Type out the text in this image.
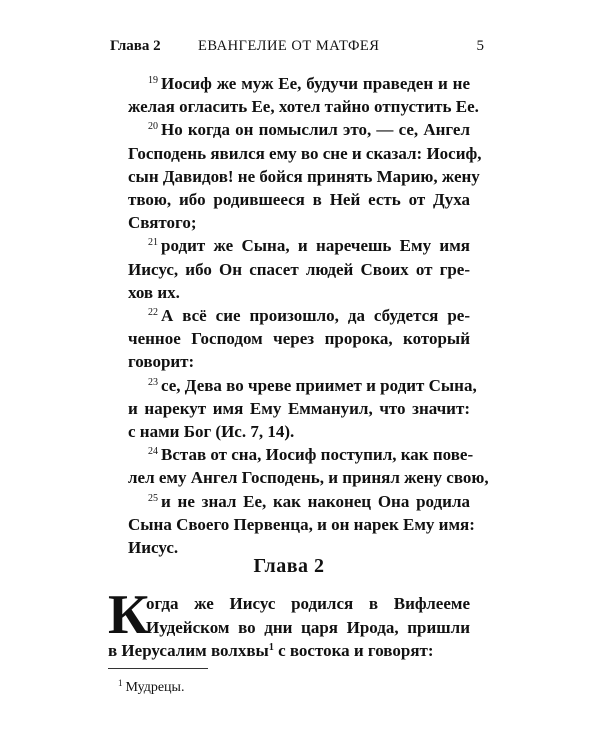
Глава 2	ЕВАНГЕЛИЕ ОТ МАТФЕЯ	5
$^{19}$ Иосиф же муж Ее, будучи праведен и не
желая огласить Ее, хотел тайно отпустить Ее.
$^{20}$ Но когда он помыслил это, — се, Ангел
Господень явился ему во сне и сказал: Иосиф,
сын Давидов! не бойся принять Марию, жену
твою, ибо родившееся в Ней есть от Духа
Святого;
$^{21}$ родит же Сына, и наречешь Ему имя
Иисус, ибо Он спасет людей Своих от гре-
хов их.
$^{22}$ А всё сие произошло, да сбудется ре-
ченное Господом через пророка, который
говорит:
$^{23}$ се, Дева во чреве приимет и родит Сына,
и нарекут имя Ему Еммануил, что значит:
с нами Бог (Ис. 7, 14).
$^{24}$ Встав от сна, Иосиф поступил, как повe-
лел ему Ангел Господень, и принял жену свою,
$^{25}$ и не знал Ее, как наконец Она родила
Сына Своего Первенца, и он нарек Ему имя:
Иисус.
Глава 2
К
огда же Иисус родился в Вифлееме
Иудейском во дни царя Ирода, пришли
в Иерусалим волхвы$^1$ с востока и говорят:
$^1$ Мудрецы.
